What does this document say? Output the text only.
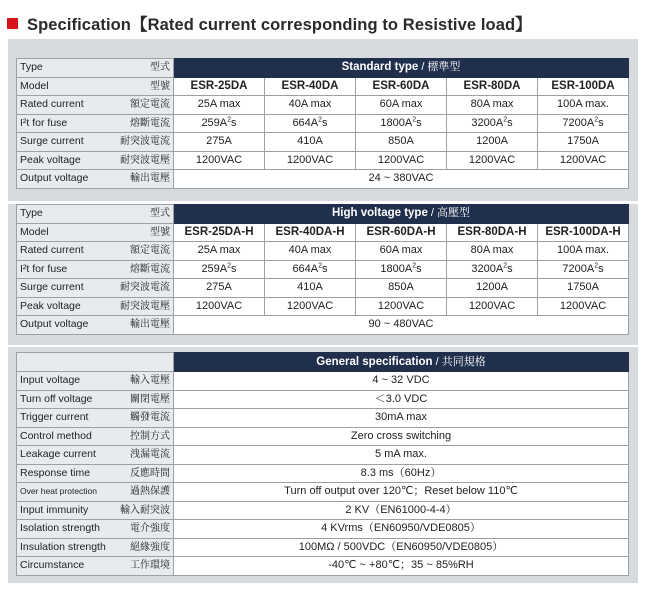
Specification【Rated current corresponding to Resistive load】
Type 型式	Standard type / 標準型				

Model 型號	ESR-25DA	ESR-40DA	ESR-60DA	ESR-80DA	ESR-100DA

Rated current 額定電流	25A max	40A max	60A max	80A max	100A max.

I²t for fuse 熔斷電流	$259A^2s$	$664A^2s$	$1800A^2s$	$3200A^2s$	$7200A^2s$

Surge current 耐突波電流	275A	410A	850A	1200A	1750A

Peak voltage 耐突波電壓	1200VAC	1200VAC	1200VAC	1200VAC	1200VAC

Output voltage 輸出電壓	24 ~ 380VAC				
Type 型式	High voltage type / 高壓型				

Model 型號	ESR-25DA-H	ESR-40DA-H	ESR-60DA-H	ESR-80DA-H	ESR-100DA-H

Rated current 額定電流	25A max	40A max	60A max	80A max	100A max.

I²t for fuse 熔斷電流	$259A^2s$	$664A^2s$	$1800A^2s$	$3200A^2s$	$7200A^2s$

Surge current 耐突波電流	275A	410A	850A	1200A	1750A

Peak voltage 耐突波電壓	1200VAC	1200VAC	1200VAC	1200VAC	1200VAC

Output voltage 輸出電壓	90 ~ 480VAC				
	General specification / 共同規格

Input voltage 輸入電壓	4 ~ 32 VDC

Turn off voltage 關閉電壓	＜3.0 VDC

Trigger current 觸發電流	30mA max

Control method 控制方式	Zero cross switching

Leakage current 洩漏電流	5 mA max.

Response time 反應時間	8.3 ms（60Hz）

Over heat protection 過熱保護	Turn off output over 120℃；Reset below 110℃

Input immunity 輸入耐突波	2 KV（EN61000-4-4）

Isolation strength 電介強度	4 KVrms（EN60950/VDE0805）

Insulation strength 絕緣強度	100MΩ / 500VDC（EN60950/VDE0805）

Circumstance 工作環境	-40℃ ~ +80℃；35 ~ 85%RH
